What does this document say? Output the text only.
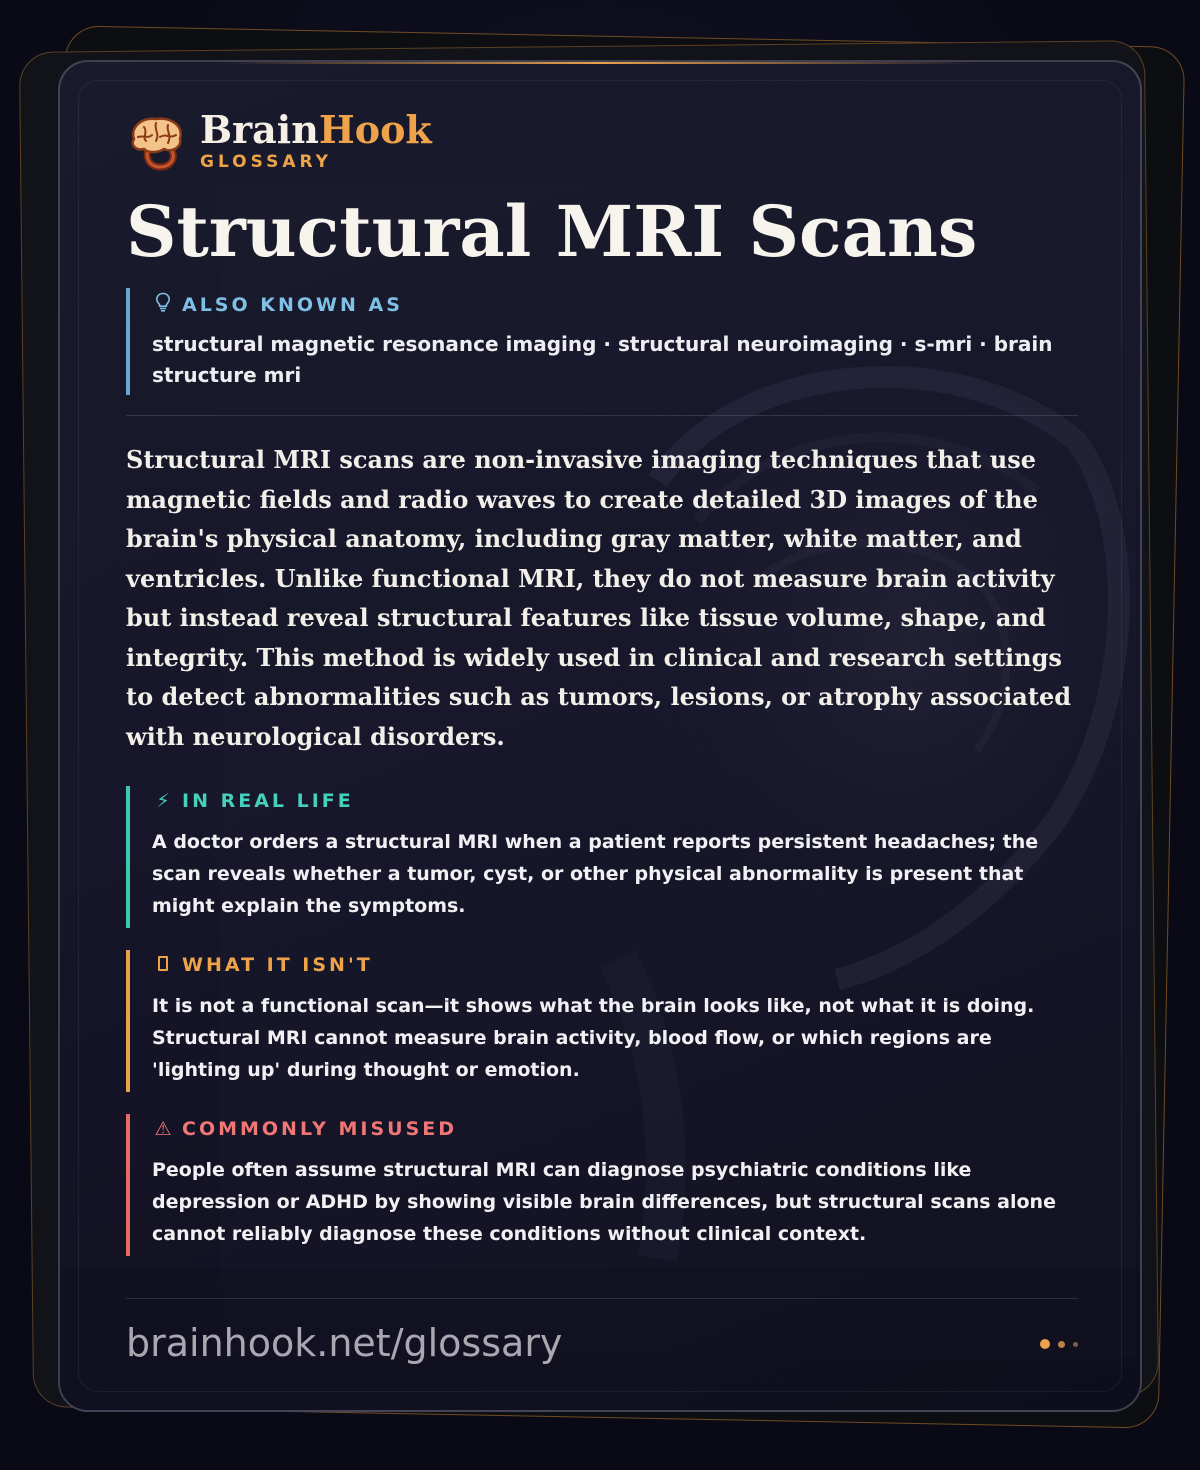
BrainHook
GLOSSARY
Structural MRI Scans
ALSO KNOWN AS
structural magnetic resonance imaging · structural neuroimaging · s-mri · brain structure mri

Structural MRI scans are non-invasive imaging techniques that use magnetic fields and radio waves to create detailed 3D images of the brain's physical anatomy, including gray matter, white matter, and ventricles. Unlike functional MRI, they do not measure brain activity but instead reveal structural features like tissue volume, shape, and integrity. This method is widely used in clinical and research settings to detect abnormalities such as tumors, lesions, or atrophy associated with neurological disorders.

⚡ IN REAL LIFE
A doctor orders a structural MRI when a patient reports persistent headaches; the scan reveals whether a tumor, cyst, or other physical abnormality is present that might explain the symptoms.
WHAT IT ISN'T
It is not a functional scan—it shows what the brain looks like, not what it is doing. Structural MRI cannot measure brain activity, blood flow, or which regions are 'lighting up' during thought or emotion.
⚠ COMMONLY MISUSED
People often assume structural MRI can diagnose psychiatric conditions like depression or ADHD by showing visible brain differences, but structural scans alone cannot reliably diagnose these conditions without clinical context.
brainhook.net/glossary
